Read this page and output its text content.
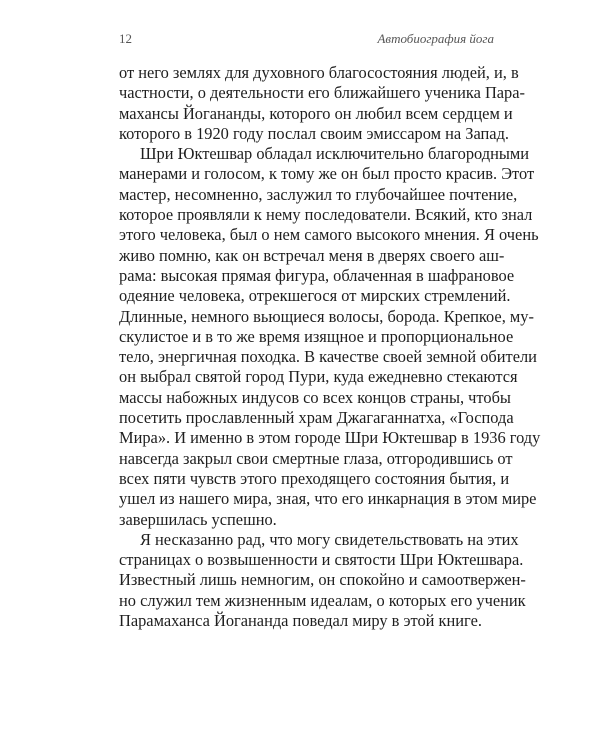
12	Автобиография йога
от него землях для духовного благосостояния людей, и, в
частности, о деятельности его ближайшего ученика Пара-
махансы Йогананды, которого он любил всем сердцем и
которого в 1920 году послал своим эмиссаром на Запад.
Шри Юктешвар обладал исключительно благородными
манерами и голосом, к тому же он был просто красив. Этот
мастер, несомненно, заслужил то глубочайшее почтение,
которое проявляли к нему последователи. Всякий, кто знал
этого человека, был о нем самого высокого мнения. Я очень
живо помню, как он встречал меня в дверях своего аш-
рама: высокая прямая фигура, облаченная в шафрановое
одеяние человека, отрекшегося от мирских стремлений.
Длинные, немного вьющиеся волосы, борода. Крепкое, му-
скулистое и в то же время изящное и пропорциональное
тело, энергичная походка. В качестве своей земной обители
он выбрал святой город Пури, куда ежедневно стекаются
массы набожных индусов со всех концов страны, чтобы
посетить прославленный храм Джагаганнатха, «Господа
Мира». И именно в этом городе Шри Юктешвар в 1936 году
навсегда закрыл свои смертные глаза, отгородившись от
всех пяти чувств этого преходящего состояния бытия, и
ушел из нашего мира, зная, что его инкарнация в этом мире
завершилась успешно.
Я несказанно рад, что могу свидетельствовать на этих
страницах о возвышенности и святости Шри Юктешвара.
Известный лишь немногим, он спокойно и самоотвержен-
но служил тем жизненным идеалам, о которых его ученик
Парамаханса Йогананда поведал миру в этой книге.
